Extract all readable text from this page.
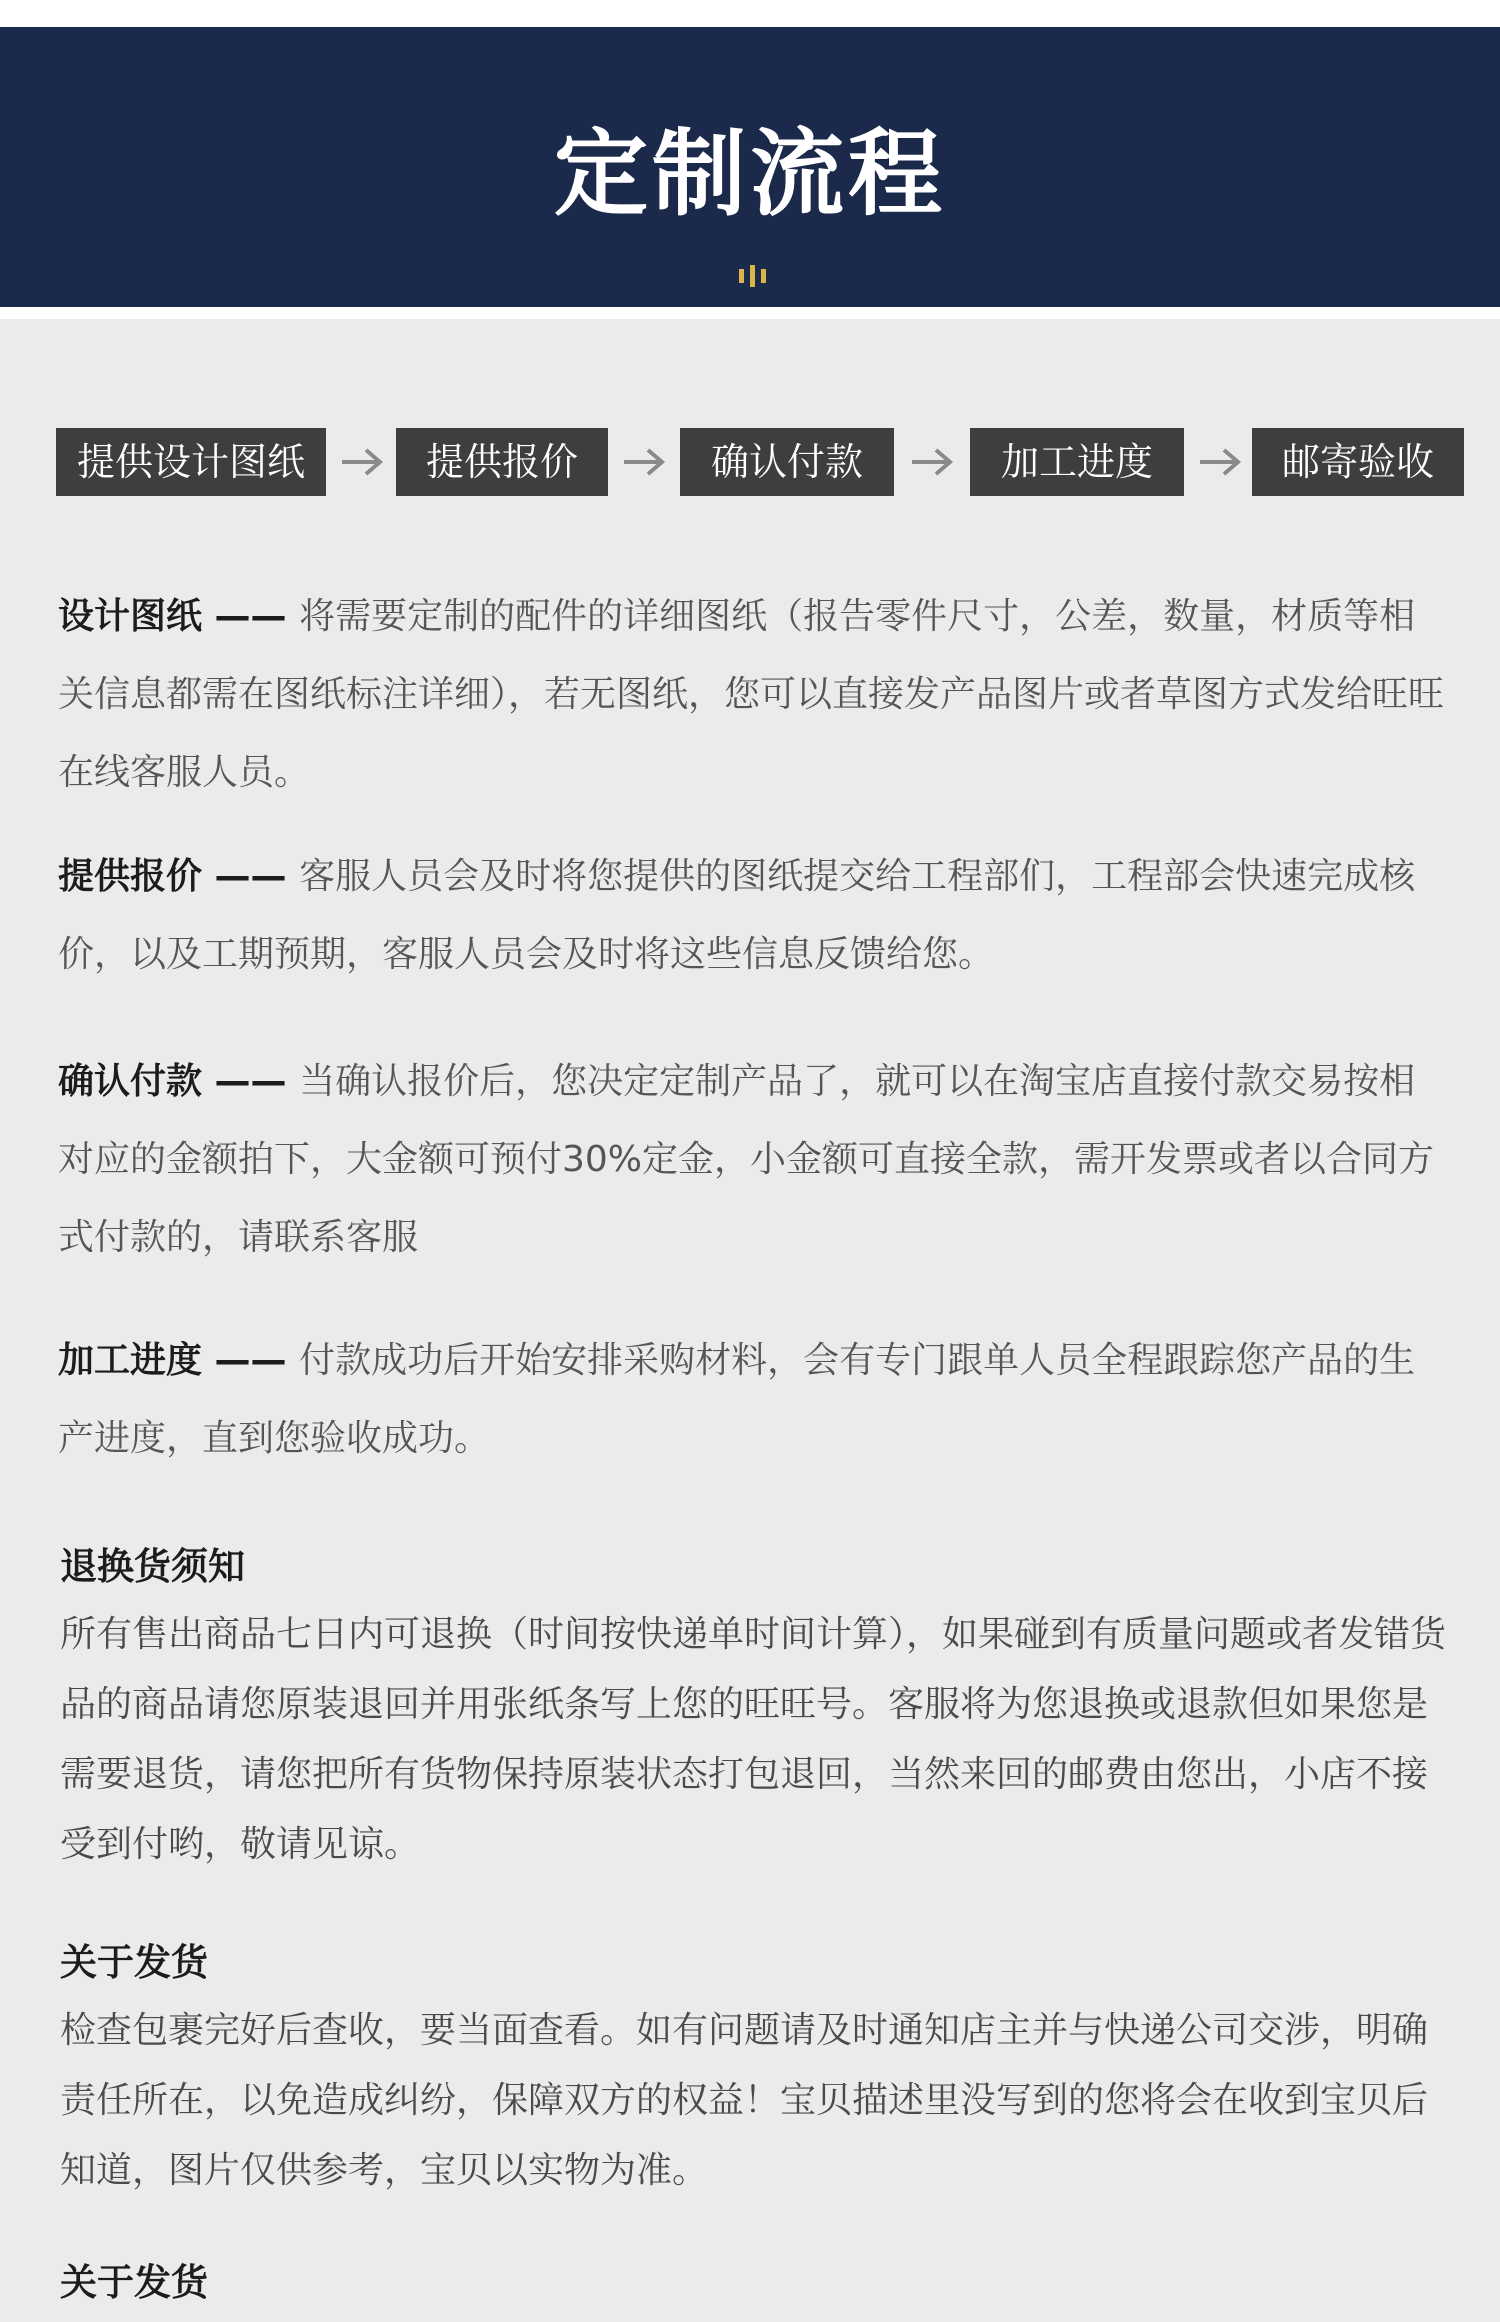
定制流程
提供设计图纸	提供报价	确认付款	加工进度	邮寄验收

设计图纸 —— 将需要定制的配件的详细图纸（报告零件尺寸，公差，数量，材质等相关信息都需在图纸标注详细），若无图纸，您可以直接发产品图片或者草图方式发给旺旺在线客服人员。

提供报价 —— 客服人员会及时将您提供的图纸提交给工程部们，工程部会快速完成核价，以及工期预期，客服人员会及时将这些信息反馈给您。

确认付款 —— 当确认报价后，您决定定制产品了，就可以在淘宝店直接付款交易按相对应的金额拍下，大金额可预付30%定金，小金额可直接全款，需开发票或者以合同方式付款的，请联系客服

加工进度 —— 付款成功后开始安排采购材料，会有专门跟单人员全程跟踪您产品的生产进度，直到您验收成功。

退换货须知

所有售出商品七日内可退换（时间按快递单时间计算），如果碰到有质量问题或者发错货品的商品请您原装退回并用张纸条写上您的旺旺号。客服将为您退换或退款但如果您是需要退货，请您把所有货物保持原装状态打包退回，当然来回的邮费由您出，小店不接受到付哟，敬请见谅。

关于发货

检查包裹完好后查收，要当面查看。如有问题请及时通知店主并与快递公司交涉，明确责任所在，以免造成纠纷，保障双方的权益！宝贝描述里没写到的您将会在收到宝贝后知道，图片仅供参考，宝贝以实物为准。

关于发货
